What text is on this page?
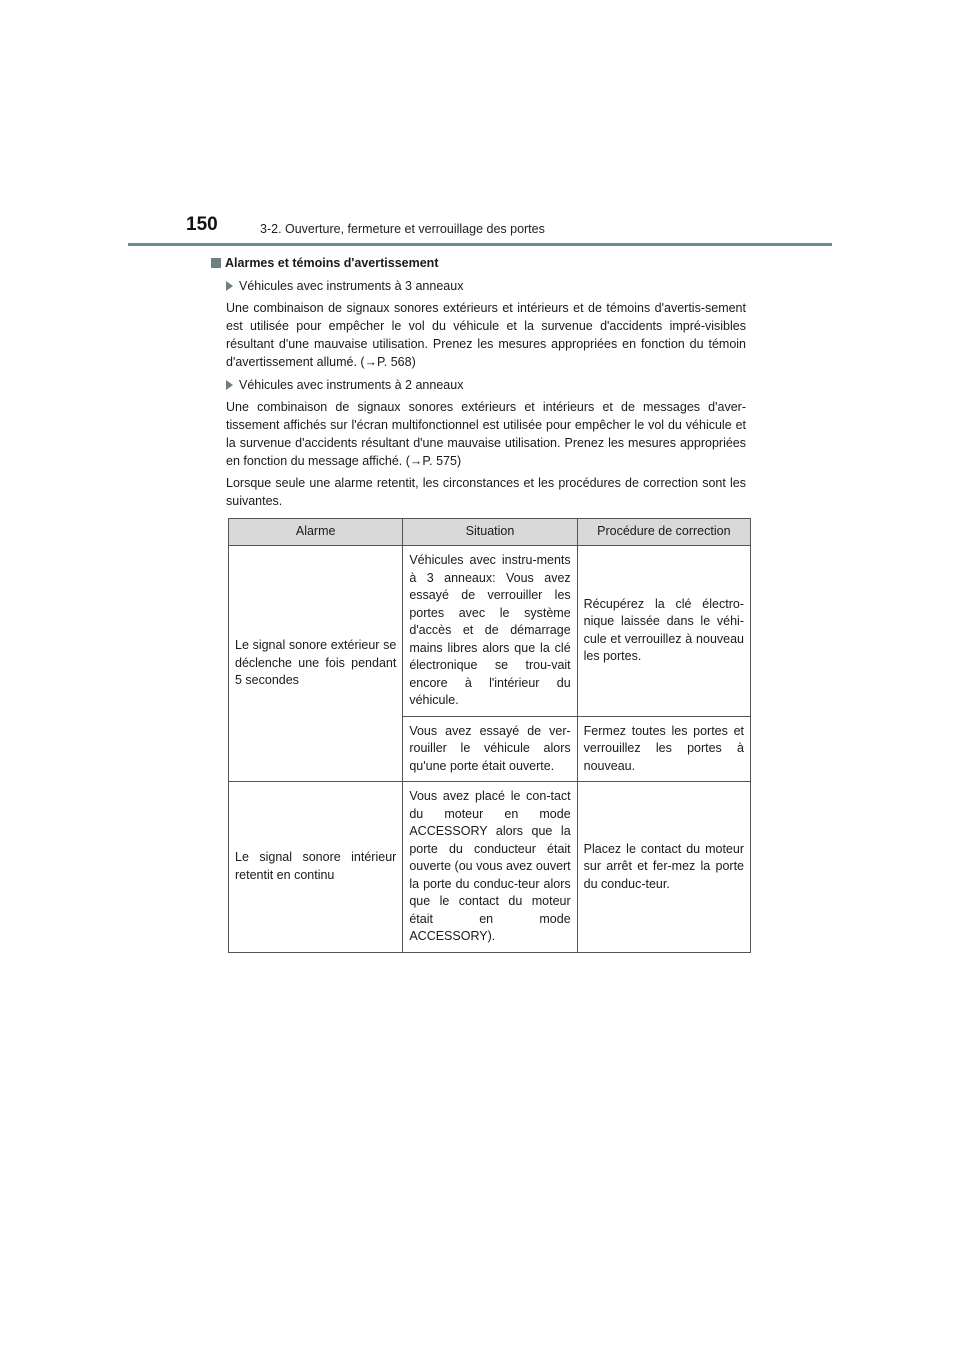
150	3-2. Ouverture, fermeture et verrouillage des portes
Alarmes et témoins d'avertissement
Véhicules avec instruments à 3 anneaux

Une combinaison de signaux sonores extérieurs et intérieurs et de témoins d'avertis-sement est utilisée pour empêcher le vol du véhicule et la survenue d'accidents impré-visibles résultant d'une mauvaise utilisation. Prenez les mesures appropriées en fonction du témoin d'avertissement allumé. (→P. 568)

Véhicules avec instruments à 2 anneaux

Une combinaison de signaux sonores extérieurs et intérieurs et de messages d'aver-tissement affichés sur l'écran multifonctionnel est utilisée pour empêcher le vol du véhicule et la survenue d'accidents résultant d'une mauvaise utilisation. Prenez les mesures appropriées en fonction du message affiché. (→P. 575)

Lorsque seule une alarme retentit, les circonstances et les procédures de correction sont les suivantes.

Alarme	Situation	Procédure de correction
Le signal sonore extérieur se déclenche une fois pendant 5 secondes	Véhicules avec instru-ments à 3 anneaux: Vous avez essayé de verrouiller les portes avec le système d'accès et de démarrage mains libres alors que la clé électronique se trou-vait encore à l'intérieur du véhicule.	Récupérez la clé électro-nique laissée dans le véhi-cule et verrouillez à nouveau les portes.
	Vous avez essayé de ver-rouiller le véhicule alors qu'une porte était ouverte.	Fermez toutes les portes et verrouillez les portes à nouveau.
Le signal sonore intérieur retentit en continu	Vous avez placé le con-tact du moteur en mode ACCESSORY alors que la porte du conducteur était ouverte (ou vous avez ouvert la porte du conduc-teur alors que le contact du moteur était en mode ACCESSORY).	Placez le contact du moteur sur arrêt et fer-mez la porte du conduc-teur.
